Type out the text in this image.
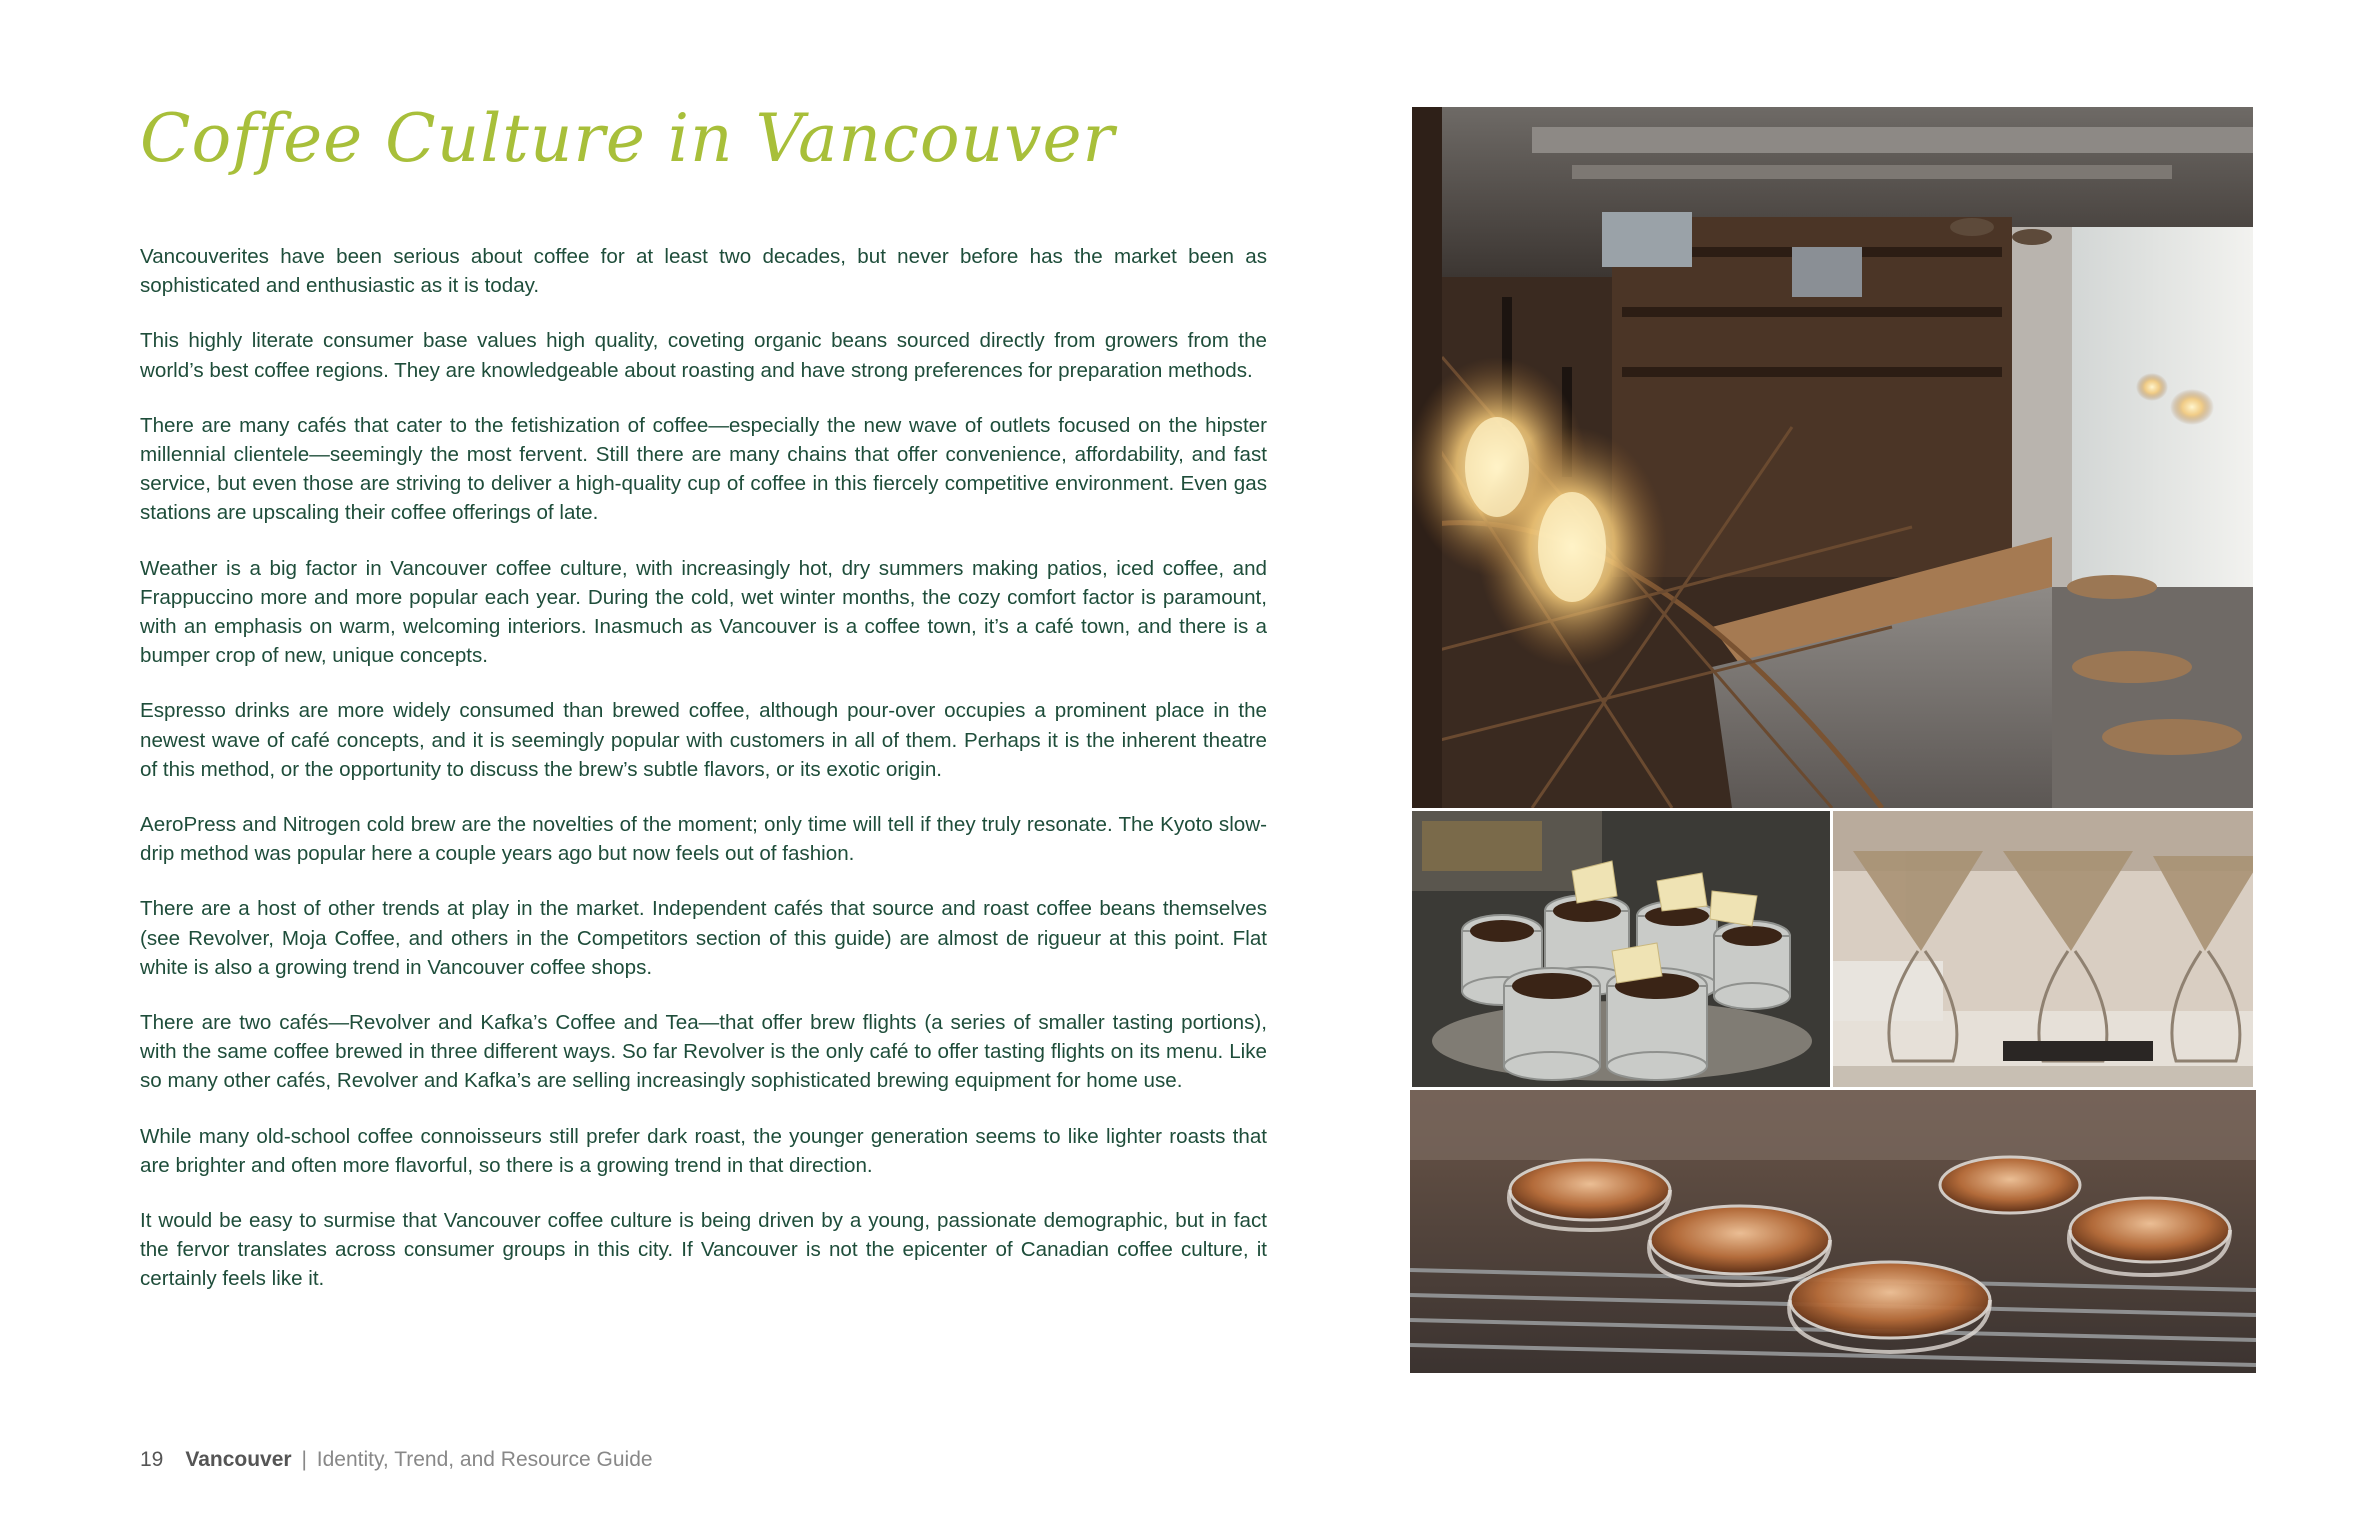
Coffee Culture in Vancouver

Vancouverites have been serious about coffee for at least two decades, but never before has the market been as sophisticated and enthusiastic as it is today.

This highly literate consumer base values high quality, coveting organic beans sourced directly from growers from the world’s best coffee regions. They are knowledgeable about roasting and have strong preferences for preparation methods.

There are many cafés that cater to the fetishization of coffee—especially the new wave of outlets focused on the hipster millennial clientele—seemingly the most fervent. Still there are many chains that offer convenience, affordability, and fast service, but even those are striving to deliver a high-quality cup of coffee in this fiercely competitive environment. Even gas stations are upscaling their coffee offerings of late.

Weather is a big factor in Vancouver coffee culture, with increasingly hot, dry summers making patios, iced coffee, and Frappuccino more and more popular each year. During the cold, wet winter months, the cozy comfort factor is paramount, with an emphasis on warm, welcoming interiors. Inasmuch as Vancouver is a coffee town, it’s a café town, and there is a bumper crop of new, unique concepts.

Espresso drinks are more widely consumed than brewed coffee, although pour-over occupies a prominent place in the newest wave of café concepts, and it is seemingly popular with customers in all of them. Perhaps it is the inherent theatre of this method, or the opportunity to discuss the brew’s subtle flavors, or its exotic origin.

AeroPress and Nitrogen cold brew are the novelties of the moment; only time will tell if they truly resonate. The Kyoto slow-drip method was popular here a couple years ago but now feels out of fashion.

There are a host of other trends at play in the market. Independent cafés that source and roast coffee beans themselves (see Revolver, Moja Coffee, and others in the Competitors section of this guide) are almost de rigueur at this point. Flat white is also a growing trend in Vancouver coffee shops.

There are two cafés—Revolver and Kafka’s Coffee and Tea—that offer brew flights (a series of smaller tasting portions), with the same coffee brewed in three different ways. So far Revolver is the only café to offer tasting flights on its menu. Like so many other cafés, Revolver and Kafka’s are selling increasingly sophisticated brewing equipment for home use.

While many old-school coffee connoisseurs still prefer dark roast, the younger generation seems to like lighter roasts that are brighter and often more flavorful, so there is a growing trend in that direction.

It would be easy to surmise that Vancouver coffee culture is being driven by a young, passionate demographic, but in fact the fervor translates across consumer groups in this city. If Vancouver is not the epicenter of Canadian coffee culture, it certainly feels like it.

19 Vancouver | Identity, Trend, and Resource Guide
